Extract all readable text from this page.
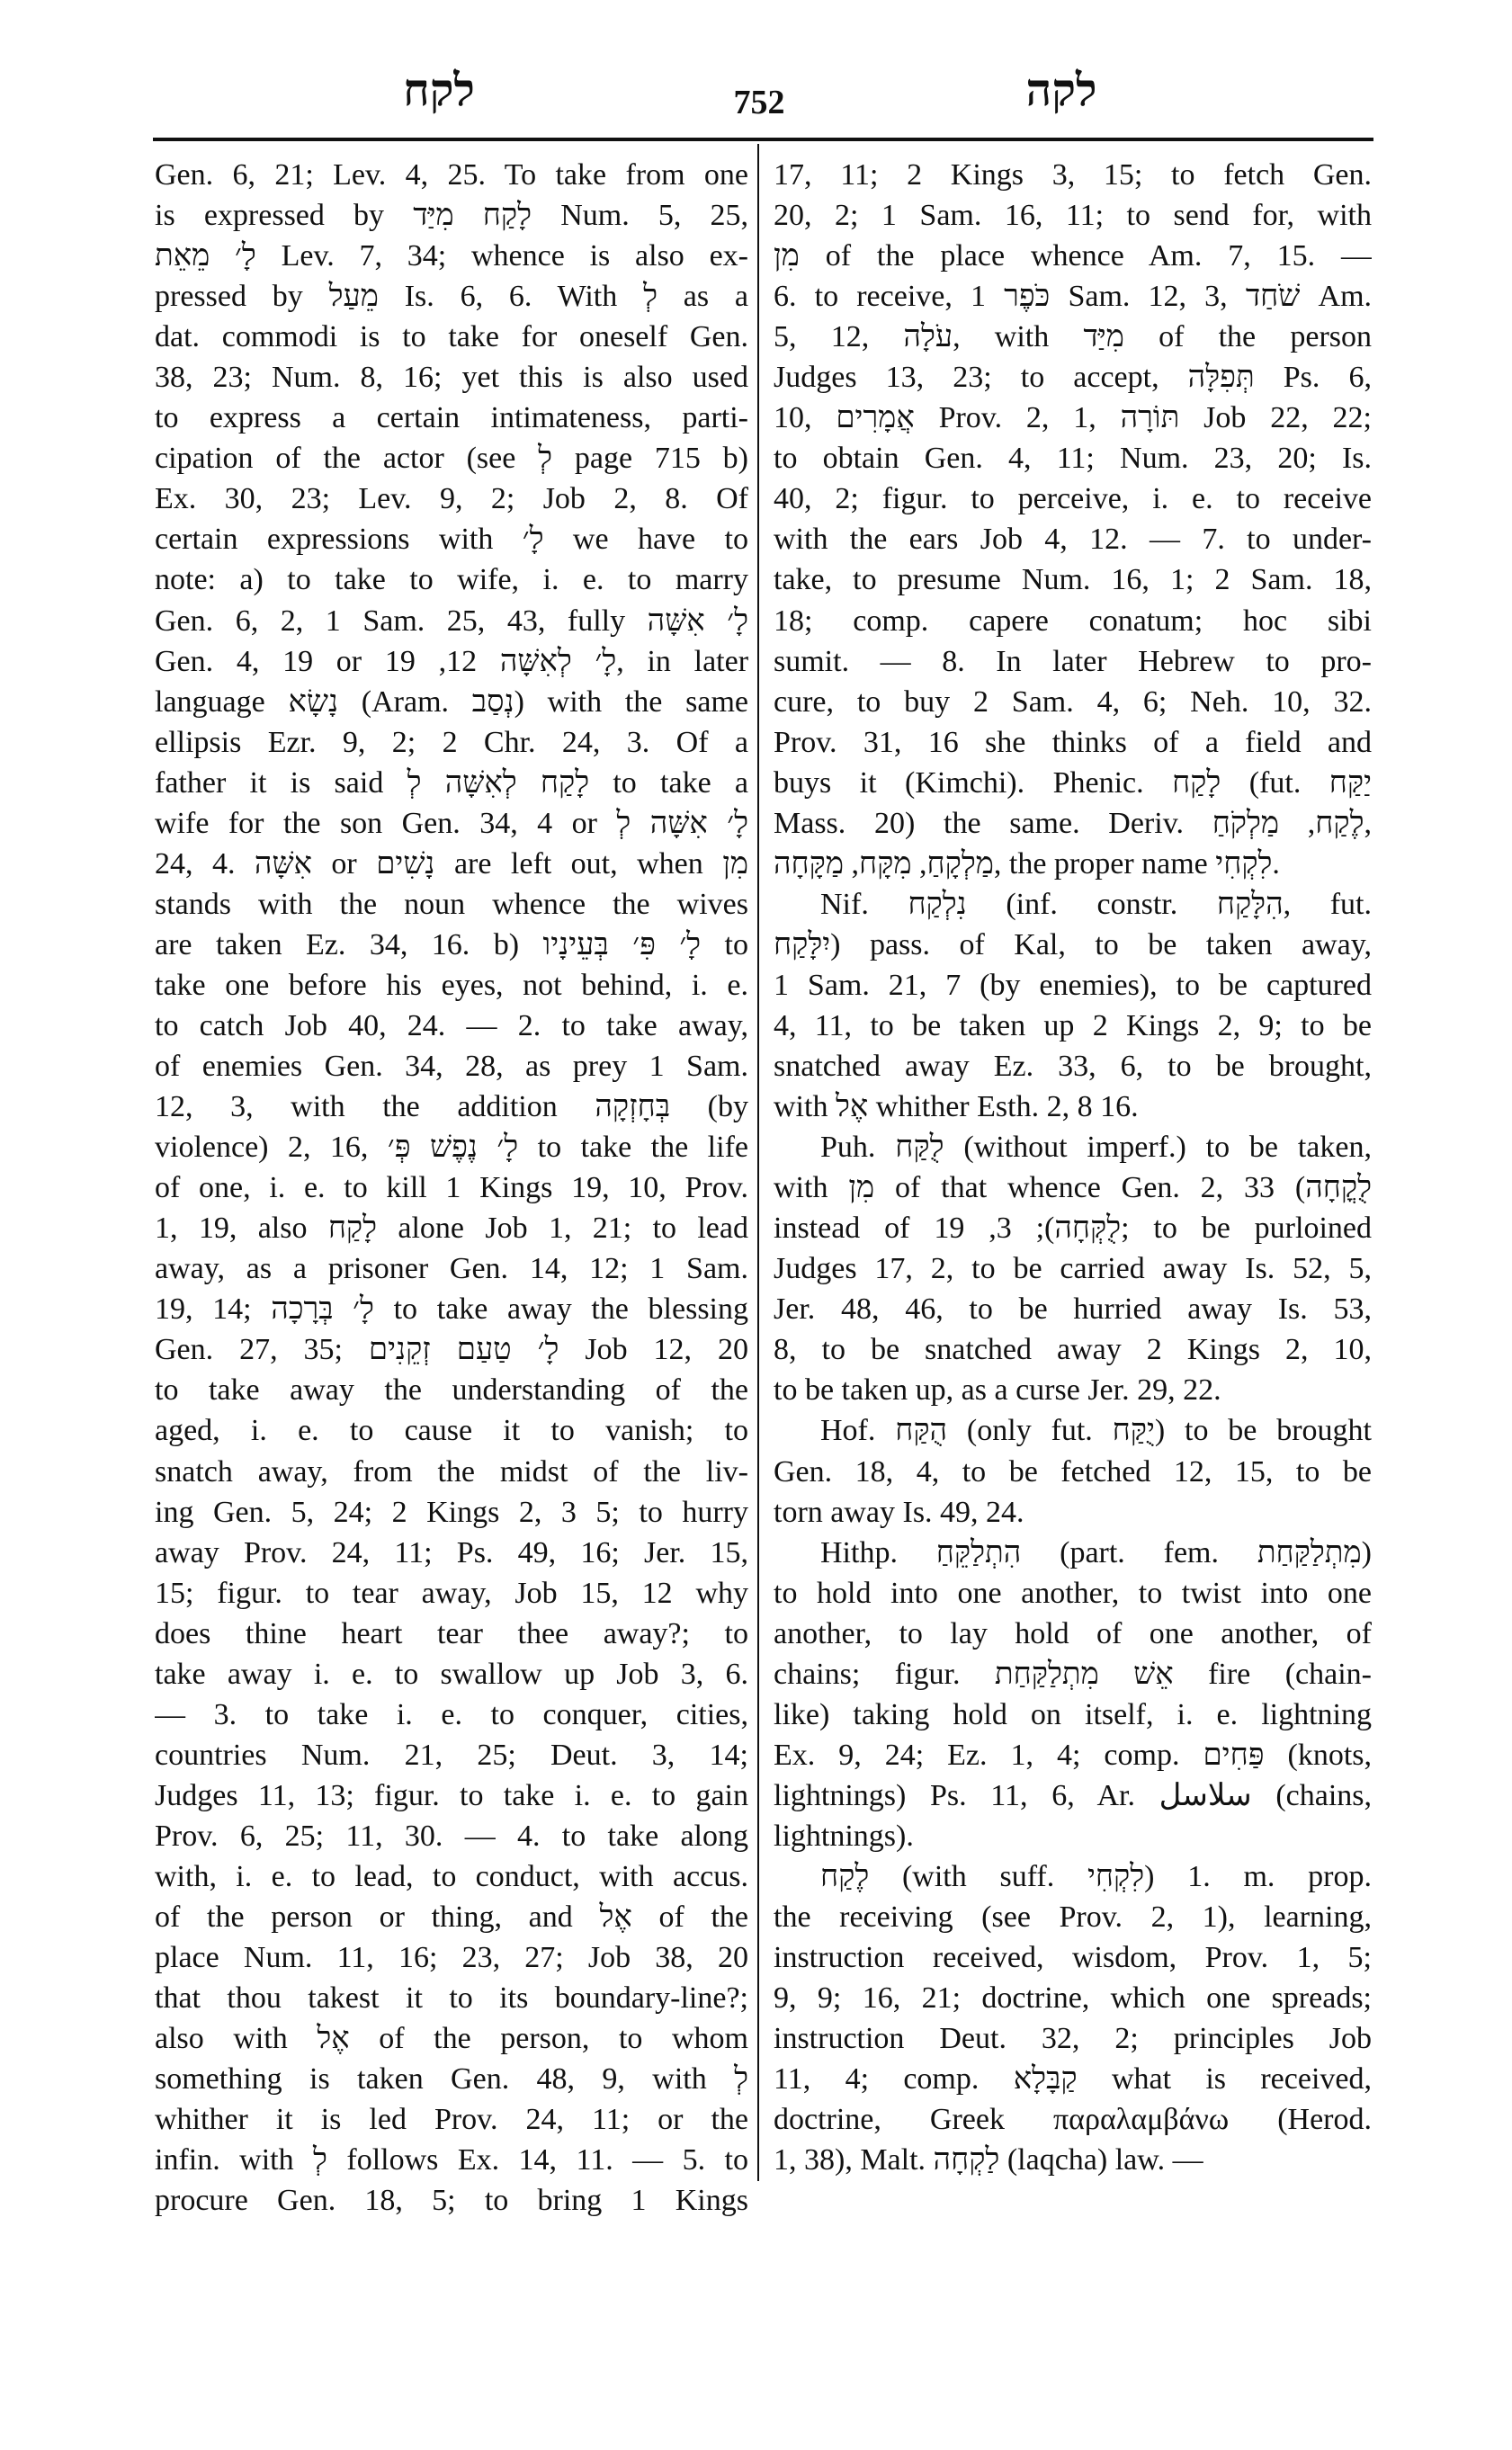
לקח	752	לקה
Gen. 6, 21; Lev. 4, 25. To take from one
is expressed by לָקַח מִיַּד Num. 5, 25,
לָ׳ מֵאֵת Lev. 7, 34; whence is also ex-
pressed by מֵעַל Is. 6, 6. With לְ as a
dat. commodi is to take for oneself Gen.
38, 23; Num. 8, 16; yet this is also used
to express a certain intimateness, parti-
cipation of the actor (see לְ page 715 b)
Ex. 30, 23; Lev. 9, 2; Job 2, 8. Of
certain expressions with לָ׳ we have to
note: a) to take to wife, i. e. to marry
Gen. 6, 2, 1 Sam. 25, 43, fully לָ׳ אִשָּׁה
Gen. 4, 19 or לָ׳ לְאִשָּׁה 12, 19, in later
language נָשָׂא (Aram. נְסַב) with the same
ellipsis Ezr. 9, 2; 2 Chr. 24, 3. Of a
father it is said לָקַח לְאִשָּׁה לְ to take a
wife for the son Gen. 34, 4 or לָ׳ אִשָּׁה לְ
24, 4. אִשָּׁה or נָשִׁים are left out, when מִן
stands with the noun whence the wives
are taken Ez. 34, 16. b) לָ׳ פִּ׳ בְּעֵינָיו to
take one before his eyes, not behind, i. e.
to catch Job 40, 24. — 2. to take away,
of enemies Gen. 34, 28, as prey 1 Sam.
12, 3, with the addition בְּחָזְקָה (by
violence) 2, 16, לָ׳ נֶפֶשׁ פְּ׳ to take the life
of one, i. e. to kill 1 Kings 19, 10, Prov.
1, 19, also לָקַח alone Job 1, 21; to lead
away, as a prisoner Gen. 14, 12; 1 Sam.
19, 14; לָ׳ בְּרָכָה to take away the blessing
Gen. 27, 35; לָ׳ טַעַם זְקֵנִים Job 12, 20
to take away the understanding of the
aged, i. e. to cause it to vanish; to
snatch away, from the midst of the liv-
ing Gen. 5, 24; 2 Kings 2, 3 5; to hurry
away Prov. 24, 11; Ps. 49, 16; Jer. 15,
15; figur. to tear away, Job 15, 12 why
does thine heart tear thee away?; to
take away i. e. to swallow up Job 3, 6.
— 3. to take i. e. to conquer, cities,
countries Num. 21, 25; Deut. 3, 14;
Judges 11, 13; figur. to take i. e. to gain
Prov. 6, 25; 11, 30. — 4. to take along
with, i. e. to lead, to conduct, with accus.
of the person or thing, and אֶל of the
place Num. 11, 16; 23, 27; Job 38, 20
that thou takest it to its boundary-line?;
also with אֶל of the person, to whom
something is taken Gen. 48, 9, with לְ
whither it is led Prov. 24, 11; or the
infin. with לְ follows Ex. 14, 11. — 5. to
procure Gen. 18, 5; to bring 1 Kings
17, 11; 2 Kings 3, 15; to fetch Gen.
20, 2; 1 Sam. 16, 11; to send for, with
מִן of the place whence Am. 7, 15. —
6. to receive, כֹּפֶר 1 Sam. 12, 3, שֹׁחַד Am.
5, 12, עֹלָה, with מִיַּד of the person
Judges 13, 23; to accept, תְּפִלָּה Ps. 6,
10, אֲמָרִים Prov. 2, 1, תּוֹרָה Job 22, 22;
to obtain Gen. 4, 11; Num. 23, 20; Is.
40, 2; figur. to perceive, i. e. to receive
with the ears Job 4, 12. — 7. to under-
take, to presume Num. 16, 1; 2 Sam. 18,
18; comp. capere conatum; hoc sibi
sumit. — 8. In later Hebrew to pro-
cure, to buy 2 Sam. 4, 6; Neh. 10, 32.
Prov. 31, 16 she thinks of a field and
buys it (Kimchi). Phenic. לָקַח (fut. יַקַּח
Mass. 20) the same. Deriv. לֶקַח, מַלְקֹחַ,
מַלְקָחַ, מִקָּח, מַקָּחָה, the proper name לִקְחִי.
Nif. נִלְקַח (inf. constr. הִלָּקַח, fut.
יִלָּקַח) pass. of Kal, to be taken away,
1 Sam. 21, 7 (by enemies), to be captured
4, 11, to be taken up 2 Kings 2, 9; to be
snatched away Ez. 33, 6, to be brought,
with אֶל whither Esth. 2, 8 16.
Puh. לֻקַּח (without imperf.) to be taken,
with מִן of that whence Gen. 2, 33 (לֻקֳחָה
instead of לֻקְּחָה); 3, 19; to be purloined
Judges 17, 2, to be carried away Is. 52, 5,
Jer. 48, 46, to be hurried away Is. 53,
8, to be snatched away 2 Kings 2, 10,
to be taken up, as a curse Jer. 29, 22.
Hof. הֻקַּח (only fut. יֻקַּח) to be brought
Gen. 18, 4, to be fetched 12, 15, to be
torn away Is. 49, 24.
Hithp. הִתְלַקֵּחַ (part. fem. מִתְלַקַּחַת)
to hold into one another, to twist into one
another, to lay hold of one another, of
chains; figur. אֵשׁ מִתְלַקַּחַת fire (chain-
like) taking hold on itself, i. e. lightning
Ex. 9, 24; Ez. 1, 4; comp. פַּחִים (knots,
lightnings) Ps. 11, 6, Ar. سلاسل (chains,
lightnings).
לֶקַח (with suff. לִקְחִי) 1. m. prop.
the receiving (see Prov. 2, 1), learning,
instruction received, wisdom, Prov. 1, 5;
9, 9; 16, 21; doctrine, which one spreads;
instruction Deut. 32, 2; principles Job
11, 4; comp. קַבָּלָא what is received,
doctrine, Greek παραλαμβάνω (Herod.
1, 38), Malt. לַקְחָה (laqcha) law. —
